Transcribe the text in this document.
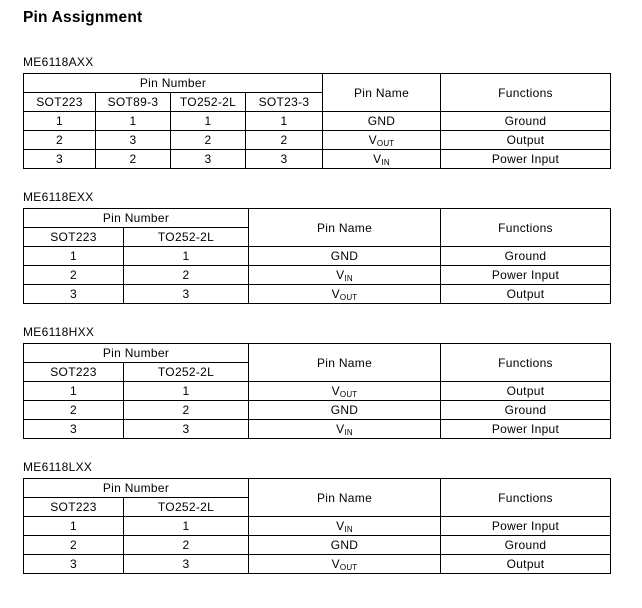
Pin Assignment
ME6118AXX
Pin Number				Pin Name	Functions
SOT223	SOT89-3	TO252-2L	SOT23-3		
1	1	1	1	GND	Ground
2	3	2	2	VOUT	Output
3	2	3	3	VIN	Power Input
ME6118EXX
Pin Number		Pin Name	Functions
SOT223	TO252-2L		
1	1	GND	Ground
2	2	VIN	Power Input
3	3	VOUT	Output
ME6118HXX
Pin Number		Pin Name	Functions
SOT223	TO252-2L		
1	1	VOUT	Output
2	2	GND	Ground
3	3	VIN	Power Input
ME6118LXX
Pin Number		Pin Name	Functions
SOT223	TO252-2L		
1	1	VIN	Power Input
2	2	GND	Ground
3	3	VOUT	Output
